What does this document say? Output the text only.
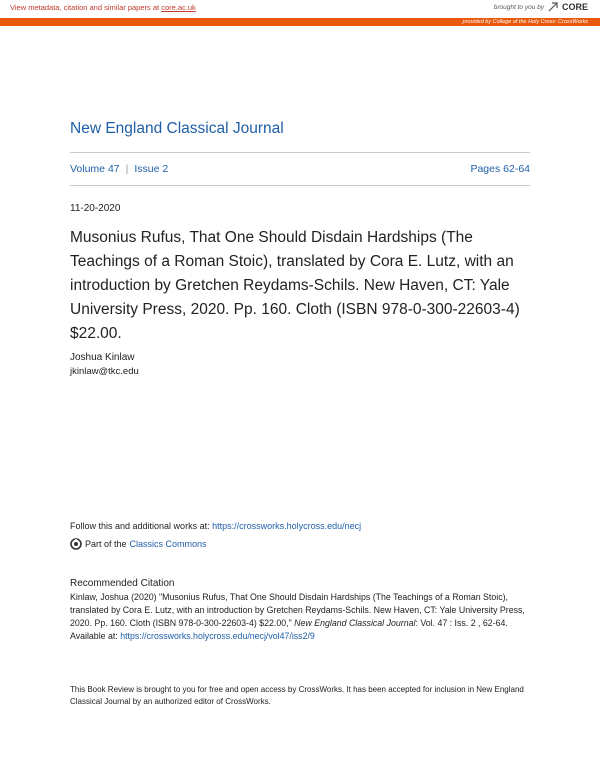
View metadata, citation and similar papers at core.ac.uk	brought to you by CORE
provided by College of the Holy Cross: CrossWorks
New England Classical Journal
Volume 47 | Issue 2	Pages 62-64
11-20-2020
Musonius Rufus, That One Should Disdain Hardships (The Teachings of a Roman Stoic), translated by Cora E. Lutz, with an introduction by Gretchen Reydams-Schils. New Haven, CT: Yale University Press, 2020. Pp. 160. Cloth (ISBN 978-0-300-22603-4) $22.00.
Joshua Kinlaw
jkinlaw@tkc.edu
Follow this and additional works at: https://crossworks.holycross.edu/necj
Part of the Classics Commons
Recommended Citation
Kinlaw, Joshua (2020) "Musonius Rufus, That One Should Disdain Hardships (The Teachings of a Roman Stoic), translated by Cora E. Lutz, with an introduction by Gretchen Reydams-Schils. New Haven, CT: Yale University Press, 2020. Pp. 160. Cloth (ISBN 978-0-300-22603-4) $22.00," New England Classical Journal: Vol. 47 : Iss. 2 , 62-64.
Available at: https://crossworks.holycross.edu/necj/vol47/iss2/9
This Book Review is brought to you for free and open access by CrossWorks. It has been accepted for inclusion in New England Classical Journal by an authorized editor of CrossWorks.
